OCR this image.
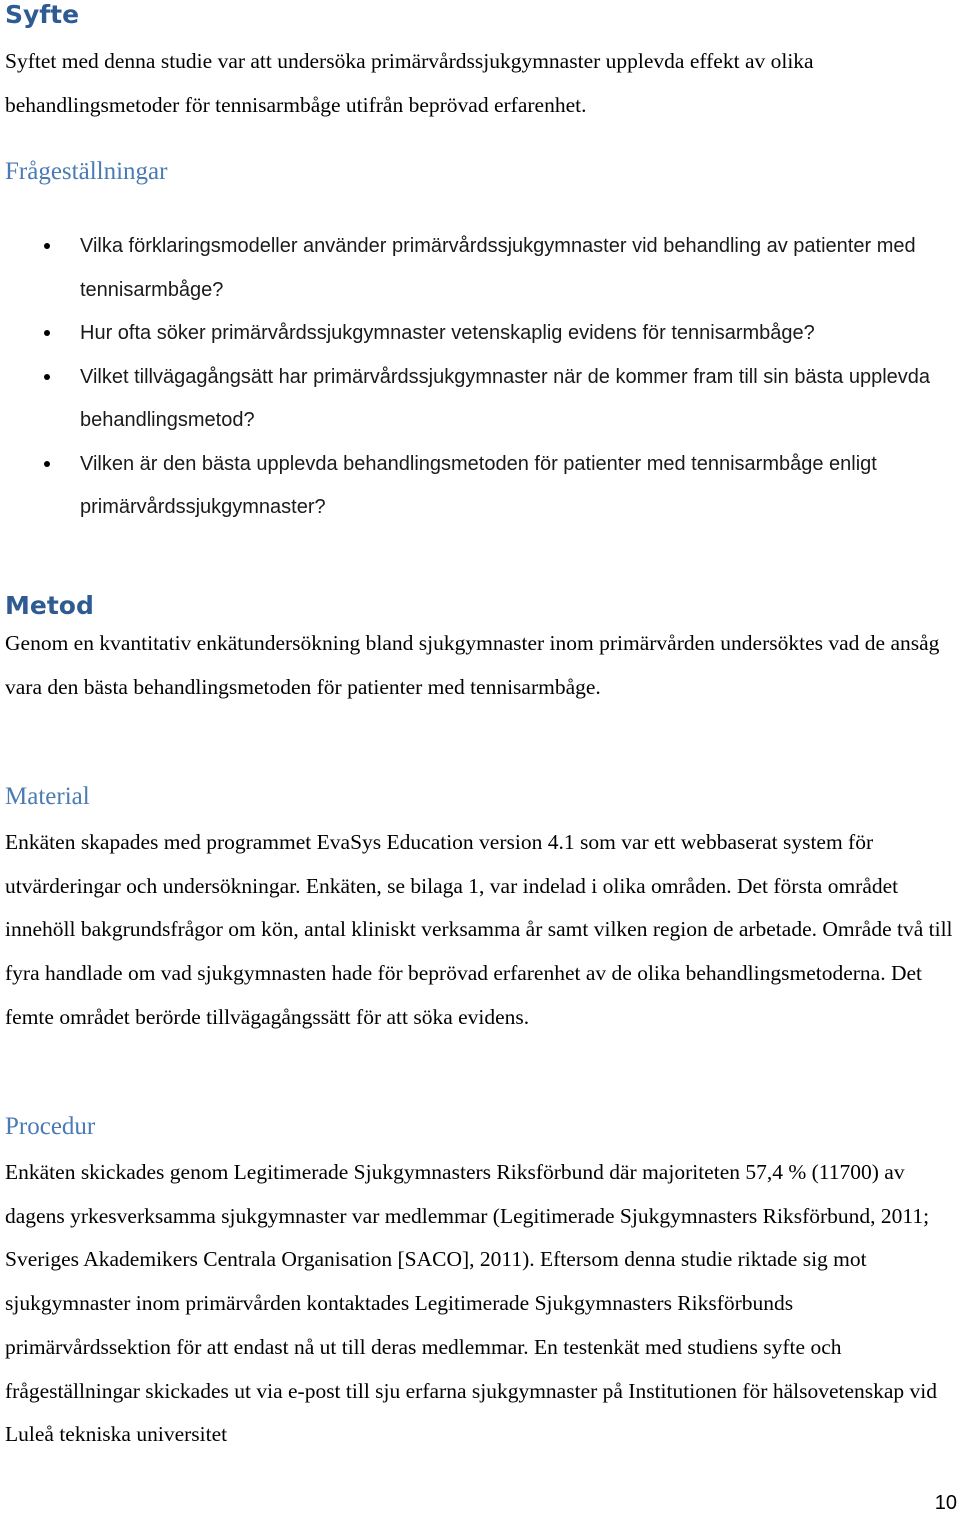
Syfte

Syftet med denna studie var att undersöka primärvårdssjukgymnaster upplevda effekt av olika behandlingsmetoder för tennisarmbåge utifrån beprövad erfarenhet.

Frågeställningar
Vilka förklaringsmodeller använder primärvårdssjukgymnaster vid behandling av patienter med tennisarmbåge?
Hur ofta söker primärvårdssjukgymnaster vetenskaplig evidens för tennisarmbåge?
Vilket tillvägagångsätt har primärvårdssjukgymnaster när de kommer fram till sin bästa upplevda behandlingsmetod?
Vilken är den bästa upplevda behandlingsmetoden för patienter med tennisarmbåge enligt primärvårdssjukgymnaster?
Metod

Genom en kvantitativ enkätundersökning bland sjukgymnaster inom primärvården undersöktes vad de ansåg vara den bästa behandlingsmetoden för patienter med tennisarmbåge.

Material

Enkäten skapades med programmet EvaSys Education version 4.1 som var ett webbaserat system för utvärderingar och undersökningar. Enkäten, se bilaga 1, var indelad i olika områden. Det första området innehöll bakgrundsfrågor om kön, antal kliniskt verksamma år samt vilken region de arbetade. Område två till fyra handlade om vad sjukgymnasten hade för beprövad erfarenhet av de olika behandlingsmetoderna. Det femte området berörde tillvägagångssätt för att söka evidens.

Procedur

Enkäten skickades genom Legitimerade Sjukgymnasters Riksförbund där majoriteten 57,4 % (11700) av dagens yrkesverksamma sjukgymnaster var medlemmar (Legitimerade Sjukgymnasters Riksförbund, 2011; Sveriges Akademikers Centrala Organisation [SACO], 2011). Eftersom denna studie riktade sig mot sjukgymnaster inom primärvården kontaktades Legitimerade Sjukgymnasters Riksförbunds primärvårdssektion för att endast nå ut till deras medlemmar. En testenkät med studiens syfte och frågeställningar skickades ut via e-post till sju erfarna sjukgymnaster på Institutionen för hälsovetenskap vid Luleå tekniska universitet

10
